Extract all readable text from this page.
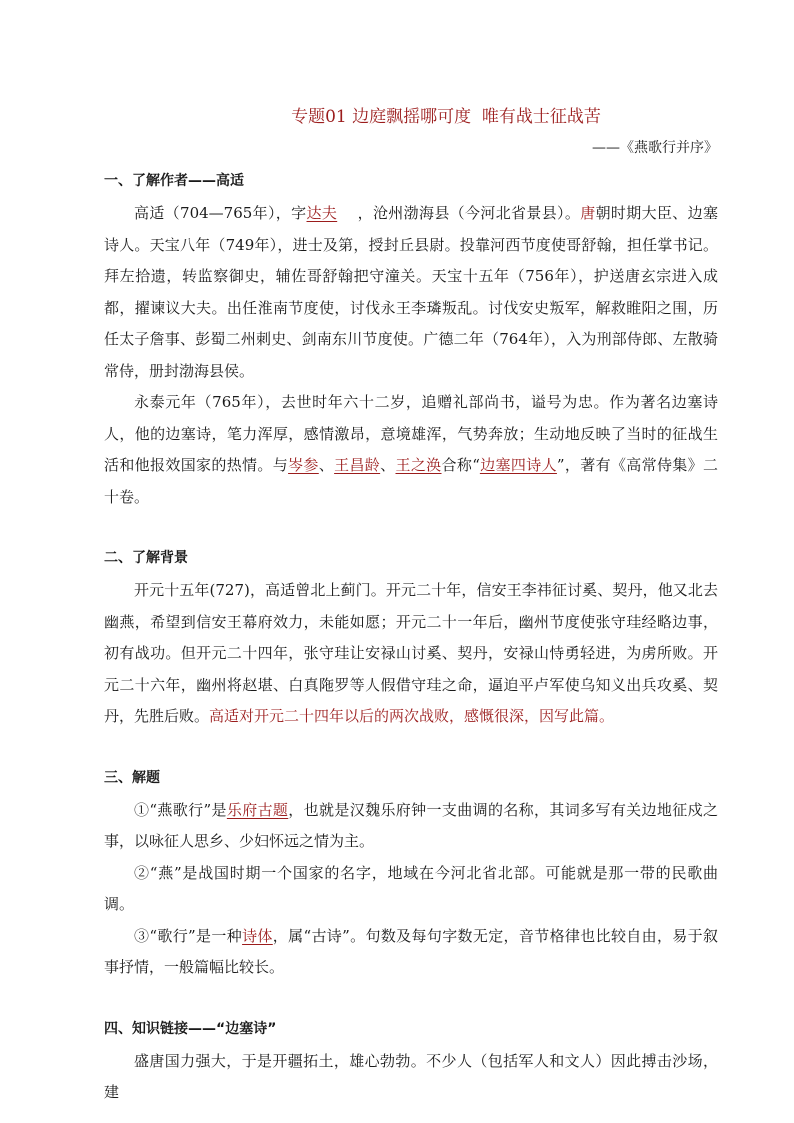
专题01 边庭飘摇哪可度  唯有战士征战苦
——《燕歌行并序》
一、了解作者——高适

高适（704—765年），字达夫    ，沧州渤海县（今河北省景县）。唐朝时期大臣、边塞诗人。天宝八年（749年），进士及第，授封丘县尉。投靠河西节度使哥舒翰，担任掌书记。拜左拾遗，转监察御史，辅佐哥舒翰把守潼关。天宝十五年（756年），护送唐玄宗进入成都，擢谏议大夫。出任淮南节度使，讨伐永王李璘叛乱。讨伐安史叛军，解救睢阳之围，历任太子詹事、彭蜀二州刺史、剑南东川节度使。广德二年（764年），入为刑部侍郎、左散骑常侍，册封渤海县侯。

永泰元年（765年），去世时年六十二岁，追赠礼部尚书，谥号为忠。作为著名边塞诗人，他的边塞诗，笔力浑厚，感情激昂，意境雄浑，气势奔放；生动地反映了当时的征战生活和他报效国家的热情。与岑参、王昌龄、王之涣合称“边塞四诗人”，著有《高常侍集》二十卷。

二、了解背景

开元十五年(727)，高适曾北上蓟门。开元二十年，信安王李祎征讨奚、契丹，他又北去幽燕，希望到信安王幕府效力，未能如愿；开元二十一年后，幽州节度使张守珪经略边事，初有战功。但开元二十四年，张守珪让安禄山讨奚、契丹，安禄山恃勇轻进，为虏所败。开元二十六年，幽州将赵堪、白真陁罗等人假借守珪之命，逼迫平卢军使乌知义出兵攻奚、契丹，先胜后败。高适对开元二十四年以后的两次战败，感慨很深，因写此篇。

三、解题

①“燕歌行”是乐府古题，也就是汉魏乐府钟一支曲调的名称，其词多写有关边地征戍之事，以咏征人思乡、少妇怀远之情为主。

②“燕”是战国时期一个国家的名字，地域在今河北省北部。可能就是那一带的民歌曲调。

③“歌行”是一种诗体，属“古诗”。句数及每句字数无定，音节格律也比较自由，易于叙事抒情，一般篇幅比较长。

四、知识链接——“边塞诗”

盛唐国力强大，于是开疆拓土，雄心勃勃。不少人（包括军人和文人）因此搏击沙场，建
